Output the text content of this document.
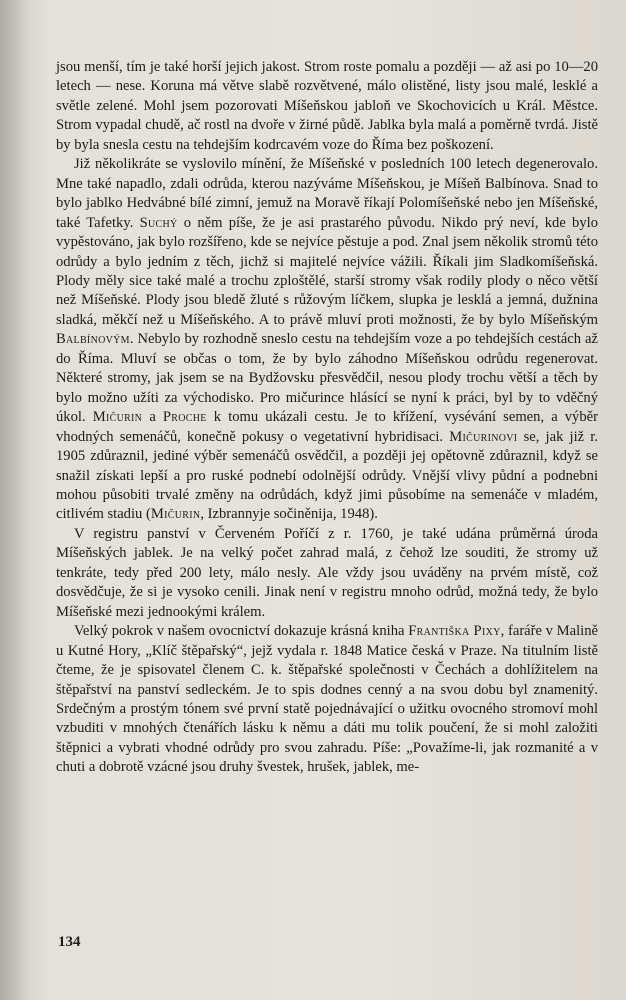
jsou menší, tím je také horší jejich jakost. Strom roste pomalu a později — až asi po 10—20 letech — nese. Koruna má větve slabě rozvětvené, málo olistěné, listy jsou malé, lesklé a světle zelené. Mohl jsem pozorovati Míšeňskou jabloň ve Skochovicích u Král. Městce. Strom vypadal chudě, ač rostl na dvoře v žirné půdě. Jablka byla malá a poměrně tvrdá. Jistě by byla snesla cestu na tehdejším kodrcavém voze do Říma bez poškození.

Již několikráte se vyslovilo mínění, že Míšeňské v posledních 100 letech degenerovalo. Mne také napadlo, zdali odrůda, kterou nazýváme Míšeňskou, je Míšeň Balbínova. Snad to bylo jablko Hedvábné bílé zimní, jemuž na Moravě říkají Polomíšeňské nebo jen Míšeňské, také Tafetky. Suchý o něm píše, že je asi prastarého původu. Nikdo prý neví, kde bylo vypěstováno, jak bylo rozšířeno, kde se nejvíce pěstuje a pod. Znal jsem několik stromů této odrůdy a bylo jedním z těch, jichž si majitelé nejvíce vážili. Říkali jim Sladkomíšeňská. Plody měly sice také malé a trochu zploštělé, starší stromy však rodily plody o něco větší než Míšeňské. Plody jsou bledě žluté s růžovým líčkem, slupka je lesklá a jemná, dužnina sladká, měkčí než u Míšeňského. A to právě mluví proti možnosti, že by bylo Míšeňským Balbínovým. Nebylo by rozhodně sneslo cestu na tehdejším voze a po tehdejších cestách až do Říma. Mluví se občas o tom, že by bylo záhodno Míšeňskou odrůdu regenerovat. Některé stromy, jak jsem se na Bydžovsku přesvědčil, nesou plody trochu větší a těch by bylo možno užíti za východisko. Pro mičurince hlásící se nyní k práci, byl by to vděčný úkol. Mičurin a Proche k tomu ukázali cestu. Je to křížení, vysévání semen, a výběr vhodných semenáčů, konečně pokusy o vegetativní hybridisaci. Mičurinovi se, jak již r. 1905 zdůraznil, jediné výběr semenáčů osvědčil, a později jej opětovně zdůraznil, když se snažil získati lepší a pro ruské podnebí odolnější odrůdy. Vnější vlivy půdní a podnebni mohou působiti trvalé změny na odrůdách, když jimi působíme na semenáče v mladém, citlivém stadiu (Mičurin, Izbrannyje sočiněnija, 1948).

V registru panství v Červeném Poříčí z r. 1760, je také udána průměrná úroda Míšeňských jablek. Je na velký počet zahrad malá, z čehož lze souditi, že stromy už tenkráte, tedy před 200 lety, málo nesly. Ale vždy jsou uváděny na prvém místě, což dosvědčuje, že si je vysoko cenili. Jinak není v registru mnoho odrůd, možná tedy, že bylo Míšeňské mezi jednookými králem.

Velký pokrok v našem ovocnictví dokazuje krásná kniha Františka Pixy, faráře v Malině u Kutné Hory, „Klíč štěpařský“, jejž vydala r. 1848 Matice česká v Praze. Na titulním listě čteme, že je spisovatel členem C. k. štěpařské společnosti v Čechách a dohlížitelem na štěpařství na panství sedleckém. Je to spis dodnes cenný a na svou dobu byl znamenitý. Srdečným a prostým tónem své první statě pojednávající o užitku ovocného stromoví mohl vzbuditi v mnohých čtenářích lásku k němu a dáti mu tolik poučení, že si mohl založiti štěpnici a vybrati vhodné odrůdy pro svou zahradu. Píše: „Považíme-li, jak rozmanité a v chuti a dobrotě vzácné jsou druhy švestek, hrušek, jablek, me-

134
